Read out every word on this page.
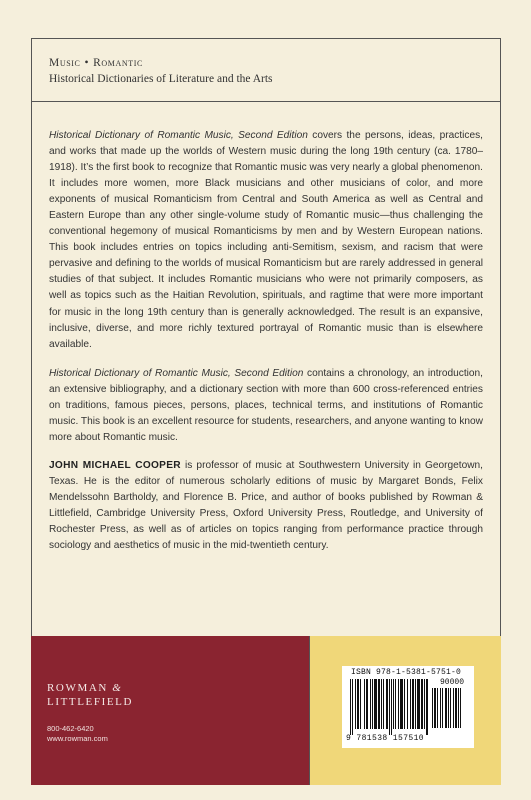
Music • Romantic
Historical Dictionaries of Literature and the Arts

Historical Dictionary of Romantic Music, Second Edition covers the persons, ideas, practices, and works that made up the worlds of Western music during the long 19th century (ca. 1780–1918). It’s the first book to recognize that Romantic music was very nearly a global phenomenon. It includes more women, more Black musicians and other musicians of color, and more exponents of musical Romanticism from Central and South America as well as Central and Eastern Europe than any other single-volume study of Romantic music—thus challenging the conventional hegemony of musical Romanticisms by men and by Western European nations. This book includes entries on topics including anti-Semitism, sexism, and racism that were pervasive and defining to the worlds of musical Romanticism but are rarely addressed in general studies of that subject. It includes Romantic musicians who were not primarily composers, as well as topics such as the Haitian Revolution, spirituals, and ragtime that were more important for music in the long 19th century than is generally acknowledged. The result is an expansive, inclusive, diverse, and more richly textured portrayal of Romantic music than is elsewhere available.

Historical Dictionary of Romantic Music, Second Edition contains a chronology, an introduction, an extensive bibliography, and a dictionary section with more than 600 cross-referenced entries on traditions, famous pieces, persons, places, technical terms, and institutions of Romantic music. This book is an excellent resource for students, researchers, and anyone wanting to know more about Romantic music.

JOHN MICHAEL COOPER is professor of music at Southwestern University in Georgetown, Texas. He is the editor of numerous scholarly editions of music by Margaret Bonds, Felix Mendelssohn Bartholdy, and Florence B. Price, and author of books published by Rowman & Littlefield, Cambridge University Press, Oxford University Press, Routledge, and University of Rochester Press, as well as of articles on topics ranging from performance practice through sociology and aesthetics of music in the mid-twentieth century.

ROWMAN &
LITTLEFIELD
800-462-6420
www.rowman.com
ISBN 978-1-5381-5751-0
90000
9 781538 157510
